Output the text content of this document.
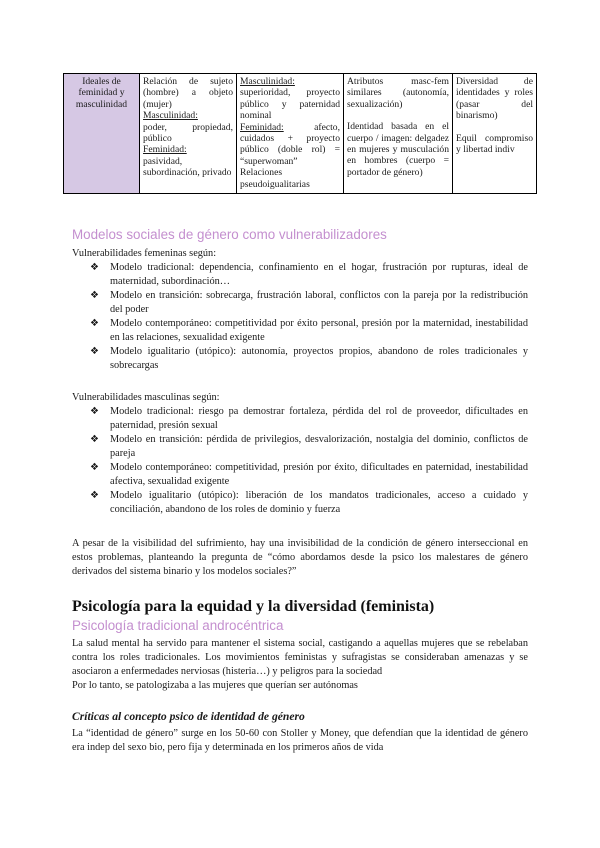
Ideales de
feminidad y
masculinidad

Relación de sujeto (hombre) a objeto (mujer)
Masculinidad:
poder, propiedad, público
Feminidad:
pasividad, subordinación, privado

Masculinidad:
superioridad, proyecto público y paternidad nominal
Feminidad:	afecto, cuidados + proyecto público (doble rol) = “superwoman”
Relaciones pseudoigualitarias

Atributos masc-fem similares (autonomía, sexualización)
Identidad basada en el cuerpo / imagen: delgadez en mujeres y musculación en hombres (cuerpo = portador de género)

Diversidad de identidades y roles (pasar del binarismo)
Equil compromiso y libertad indiv
Modelos sociales de género como vulnerabilizadores

Vulnerabilidades femeninas según:

❖ Modelo tradicional: dependencia, confinamiento en el hogar, frustración por rupturas, ideal de maternidad, subordinación…
❖ Modelo en transición: sobrecarga, frustración laboral, conflictos con la pareja por la redistribución del poder
❖ Modelo contemporáneo: competitividad por éxito personal, presión por la maternidad, inestabilidad en las relaciones, sexualidad exigente
❖ Modelo igualitario (utópico): autonomía, proyectos propios, abandono de roles tradicionales y sobrecargas

Vulnerabilidades masculinas según:

❖ Modelo tradicional: riesgo pa demostrar fortaleza, pérdida del rol de proveedor, dificultades en paternidad, presión sexual
❖ Modelo en transición: pérdida de privilegios, desvalorización, nostalgia del dominio, conflictos de pareja
❖ Modelo contemporáneo: competitividad, presión por éxito, dificultades en paternidad, inestabilidad afectiva, sexualidad exigente
❖ Modelo igualitario (utópico): liberación de los mandatos tradicionales, acceso a cuidado y conciliación, abandono de los roles de dominio y fuerza

A pesar de la visibilidad del sufrimiento, hay una invisibilidad de la condición de género interseccional en estos problemas, planteando la pregunta de “cómo abordamos desde la psico los malestares de género derivados del sistema binario y los modelos sociales?”

Psicología para la equidad y la diversidad (feminista)
Psicología tradicional androcéntrica

La salud mental ha servido para mantener el sistema social, castigando a aquellas mujeres que se rebelaban contra los roles tradicionales. Los movimientos feministas y sufragistas se consideraban amenazas y se asociaron a enfermedades nerviosas (histeria…) y peligros para la sociedad

Por lo tanto, se patologizaba a las mujeres que querían ser autónomas

Críticas al concepto psico de identidad de género

La “identidad de género” surge en los 50-60 con Stoller y Money, que defendían que la identidad de género era indep del sexo bio, pero fija y determinada en los primeros años de vida
